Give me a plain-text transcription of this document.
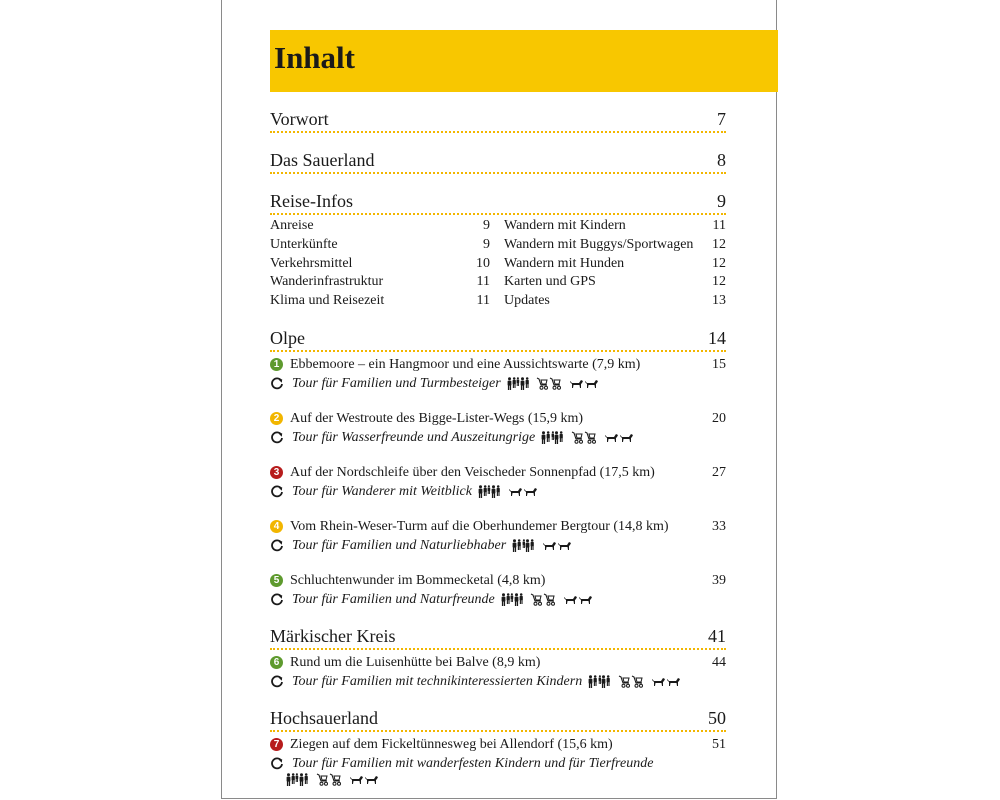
Inhalt
Vorwort	7
Das Sauerland	8
Reise-Infos	9
Anreise	9
Unterkünfte	9
Verkehrsmittel	10
Wanderinfrastruktur	11
Klima und Reisezeit	11
Wandern mit Kindern	11
Wandern mit Buggys/Sportwagen 12
Wandern mit Hunden	12
Karten und GPS	12
Updates	13
Olpe	14
1 Ebbemoore – ein Hangmoor und eine Aussichtswarte (7,9 km)	15
Tour für Familien und Turmbesteiger
2 Auf der Westroute des Bigge-Lister-Wegs (15,9 km)	20
Tour für Wasserfreunde und Auszeitungrige
3 Auf der Nordschleife über den Veischeder Sonnenpfad (17,5 km)	27
Tour für Wanderer mit Weitblick
4 Vom Rhein-Weser-Turm auf die Oberhundemer Bergtour (14,8 km)	33
Tour für Familien und Naturliebhaber
5 Schluchtenwunder im Bommecketal (4,8 km)	39
Tour für Familien und Naturfreunde
Märkischer Kreis	41
6 Rund um die Luisenhütte bei Balve (8,9 km)	44
Tour für Familien mit technikinteressierten Kindern
Hochsauerland	50
7 Ziegen auf dem Fickeltünnesweg bei Allendorf (15,6 km)	51
Tour für Familien mit wanderfesten Kindern und für Tierfreunde
